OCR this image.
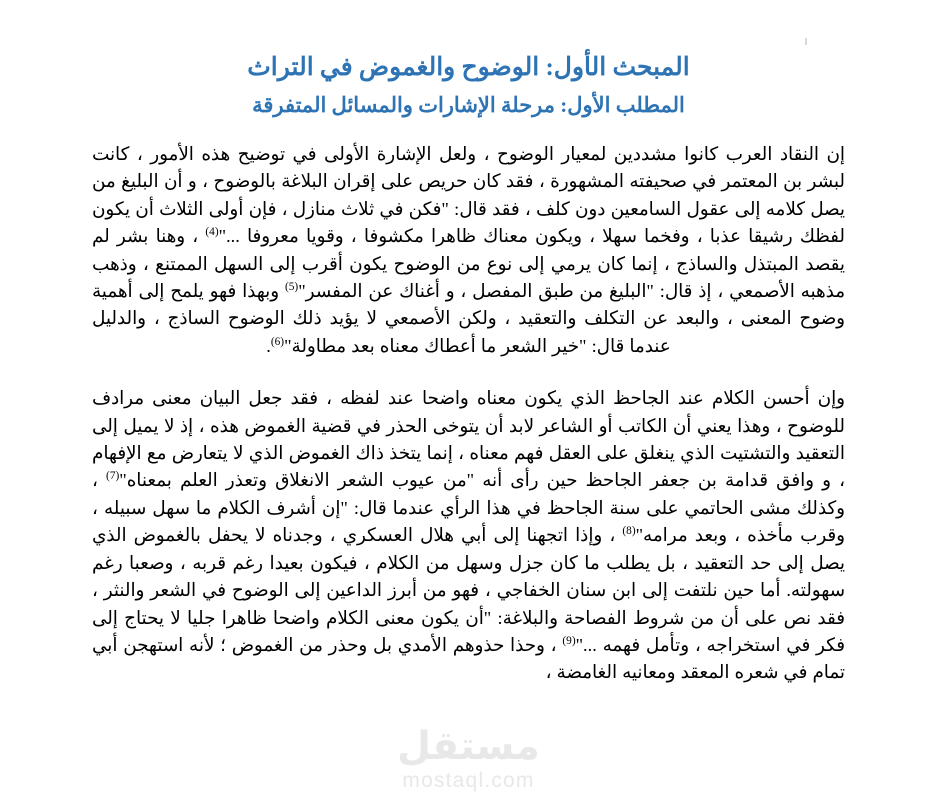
المبحث الأول: الوضوح والغموض في التراث
المطلب الأول: مرحلة الإشارات والمسائل المتفرقة

إن النقاد العرب كانوا مشددين لمعيار الوضوح ، ولعل الإشارة الأولى في توضيح هذه الأمور ، كانت لبشر بن المعتمر في صحيفته المشهورة ، فقد كان حريص على إقران البلاغة بالوضوح ، و أن البليغ من يصل كلامه إلى عقول السامعين دون كلف ، فقد قال: "فكن في ثلاث منازل ، فإن أولى الثلاث أن يكون لفظك رشيقا عذبا ، وفخما سهلا ، ويكون معناك ظاهرا مكشوفا ، وقويا معروفا ..."$^{(4)}$ ، وهنا بشر لم يقصد المبتذل والساذج ، إنما كان يرمي إلى نوع من الوضوح يكون أقرب إلى السهل الممتنع ، وذهب مذهبه الأصمعي ، إذ قال: "البليغ من طبق المفصل ، و أغناك عن المفسر"$^{(5)}$ وبهذا فهو يلمح إلى أهمية وضوح المعنى ، والبعد عن التكلف والتعقيد ، ولكن الأصمعي لا يؤيد ذلك الوضوح الساذج ، والدليل عندما قال: "خير الشعر ما أعطاك معناه بعد مطاولة"$^{(6)}$.

وإن أحسن الكلام عند الجاحظ الذي يكون معناه واضحا عند لفظه ، فقد جعل البيان معنى مرادف للوضوح ، وهذا يعني أن الكاتب أو الشاعر لابد أن يتوخى الحذر في قضية الغموض هذه ، إذ لا يميل إلى التعقيد والتشتيت الذي ينغلق على العقل فهم معناه ، إنما يتخذ ذاك الغموض الذي لا يتعارض مع الإفهام ، و وافق قدامة بن جعفر الجاحظ حين رأى أنه "من عيوب الشعر الانغلاق وتعذر العلم بمعناه"$^{(7)}$ ، وكذلك مشى الحاتمي على سنة الجاحظ في هذا الرأي عندما قال: "إن أشرف الكلام ما سهل سبيله ، وقرب مأخذه ، وبعد مرامه"$^{(8)}$ ، وإذا اتجهنا إلى أبي هلال العسكري ، وجدناه لا يحفل بالغموض الذي يصل إلى حد التعقيد ، بل يطلب ما كان جزل وسهل من الكلام ، فيكون بعيدا رغم قربه ، وصعبا رغم سهولته. أما حين نلتفت إلى ابن سنان الخفاجي ، فهو من أبرز الداعين إلى الوضوح في الشعر والنثر ، فقد نص على أن من شروط الفصاحة والبلاغة: "أن يكون معنى الكلام واضحا ظاهرا جليا لا يحتاج إلى فكر في استخراجه ، وتأمل فهمه ..."$^{(9)}$ ، وحذا حذوهم الأمدي بل وحذر من الغموض ؛ لأنه استهجن أبي تمام في شعره المعقد ومعانيه الغامضة ،

مستقل
mostaql.com
